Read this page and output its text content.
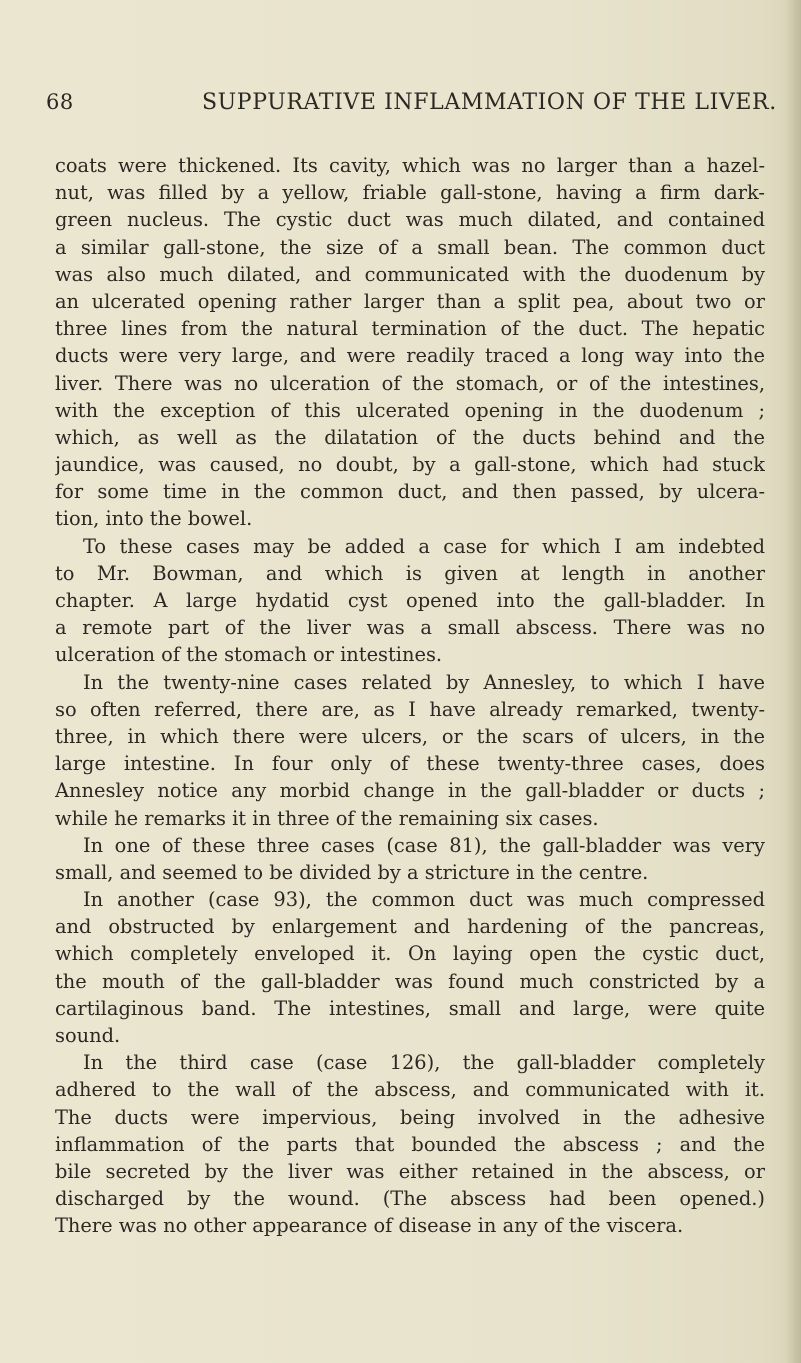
68	SUPPURATIVE INFLAMMATION OF THE LIVER.
coats were thickened. Its cavity, which was no larger than a hazel-
nut, was filled by a yellow, friable gall-stone, having a firm dark-
green nucleus. The cystic duct was much dilated, and contained
a similar gall-stone, the size of a small bean. The common duct
was also much dilated, and communicated with the duodenum by
an ulcerated opening rather larger than a split pea, about two or
three lines from the natural termination of the duct. The hepatic
ducts were very large, and were readily traced a long way into the
liver. There was no ulceration of the stomach, or of the intestines,
with the exception of this ulcerated opening in the duodenum ;
which, as well as the dilatation of the ducts behind and the
jaundice, was caused, no doubt, by a gall-stone, which had stuck
for some time in the common duct, and then passed, by ulcera-
tion, into the bowel.
To these cases may be added a case for which I am indebted
to Mr. Bowman, and which is given at length in another
chapter. A large hydatid cyst opened into the gall-bladder. In
a remote part of the liver was a small abscess. There was no
ulceration of the stomach or intestines.
In the twenty-nine cases related by Annesley, to which I have
so often referred, there are, as I have already remarked, twenty-
three, in which there were ulcers, or the scars of ulcers, in the
large intestine. In four only of these twenty-three cases, does
Annesley notice any morbid change in the gall-bladder or ducts ;
while he remarks it in three of the remaining six cases.
In one of these three cases (case 81), the gall-bladder was very
small, and seemed to be divided by a stricture in the centre.
In another (case 93), the common duct was much compressed
and obstructed by enlargement and hardening of the pancreas,
which completely enveloped it. On laying open the cystic duct,
the mouth of the gall-bladder was found much constricted by a
cartilaginous band. The intestines, small and large, were quite
sound.
In the third case (case 126), the gall-bladder completely
adhered to the wall of the abscess, and communicated with it.
The ducts were impervious, being involved in the adhesive
inflammation of the parts that bounded the abscess ; and the
bile secreted by the liver was either retained in the abscess, or
discharged by the wound. (The abscess had been opened.)
There was no other appearance of disease in any of the viscera.
